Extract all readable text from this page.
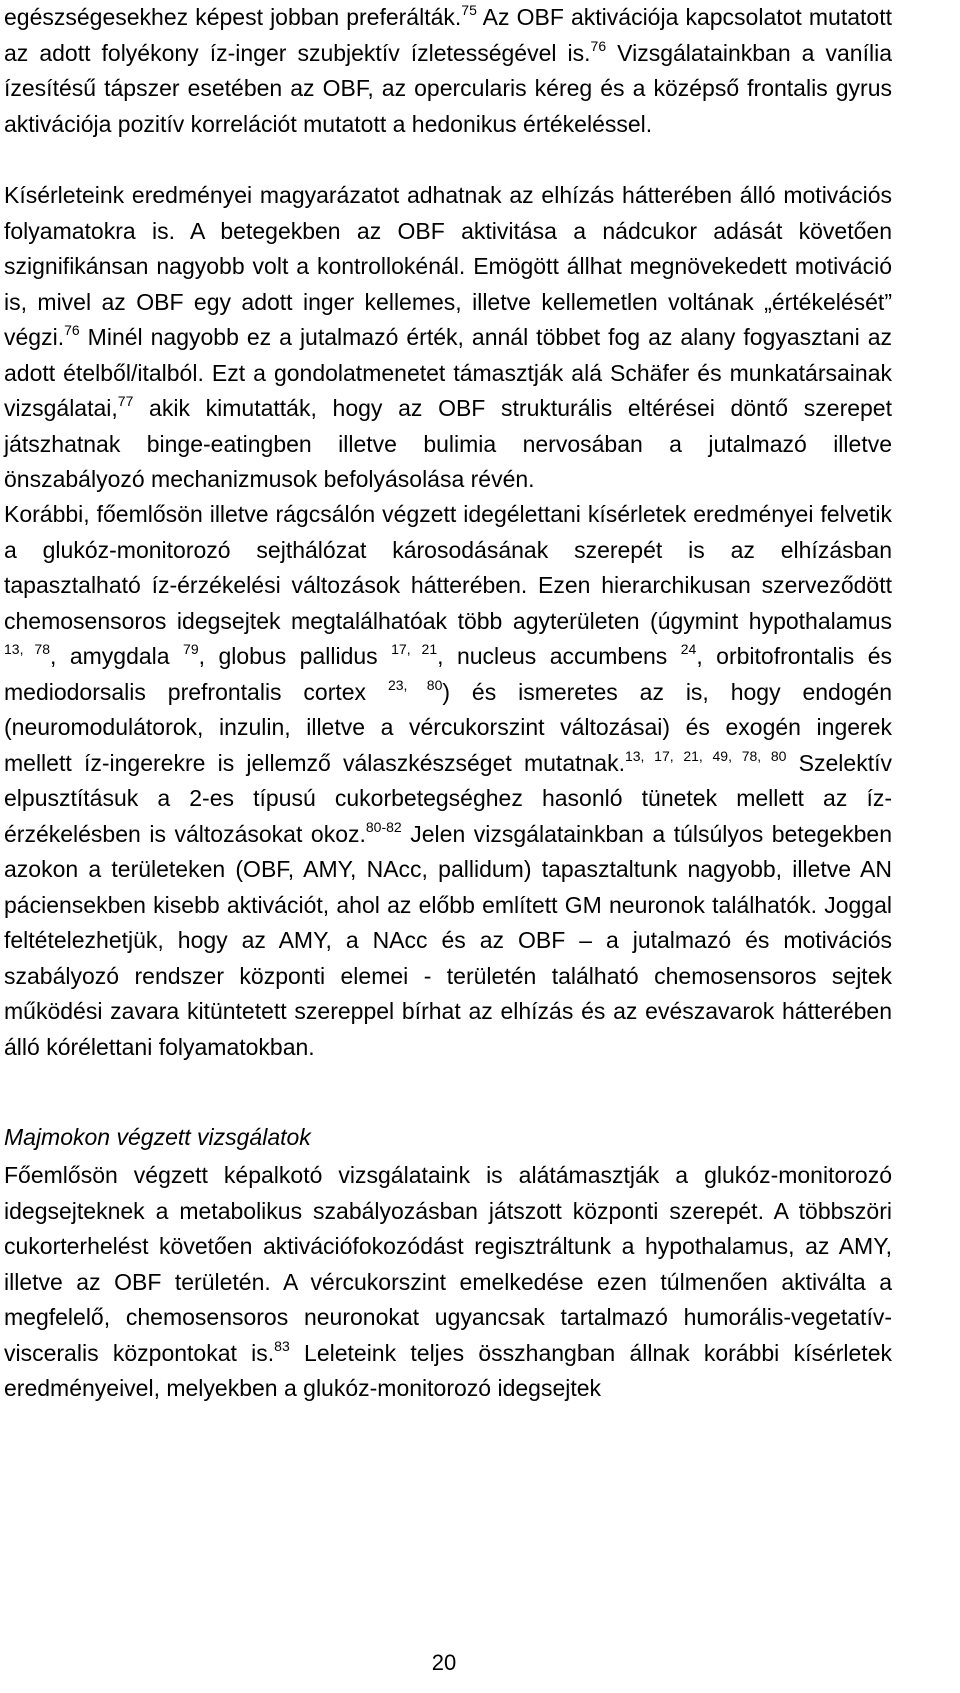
egészségesekhez képest jobban preferálták.$^{75}$ Az OBF aktivációja kapcsolatot mutatott az adott folyékony íz-inger szubjektív ízletességével is.$^{76}$ Vizsgálatainkban a vanília ízesítésű tápszer esetében az OBF, az opercularis kéreg és a középső frontalis gyrus aktivációja pozitív korrelációt mutatott a hedonikus értékeléssel.

Kísérleteink eredményei magyarázatot adhatnak az elhízás hátterében álló motivációs folyamatokra is. A betegekben az OBF aktivitása a nádcukor adását követően szignifikánsan nagyobb volt a kontrollokénál. Emögött állhat megnövekedett motiváció is, mivel az OBF egy adott inger kellemes, illetve kellemetlen voltának „értékelését” végzi.$^{76}$ Minél nagyobb ez a jutalmazó érték, annál többet fog az alany fogyasztani az adott ételből/italból. Ezt a gondolatmenetet támasztják alá Schäfer és munkatársainak vizsgálatai,$^{77}$ akik kimutatták, hogy az OBF strukturális eltérései döntő szerepet játszhatnak binge-eatingben illetve bulimia nervosában a jutalmazó illetve önszabályozó mechanizmusok befolyásolása révén.

Korábbi, főemlősön illetve rágcsálón végzett idegélettani kísérletek eredményei felvetik a glukóz-monitorozó sejthálózat károsodásának szerepét is az elhízásban tapasztalható íz-érzékelési változások hátterében. Ezen hierarchikusan szerveződött chemosensoros idegsejtek megtalálhatóak több agyterületen (úgymint hypothalamus $^{13, 78}$, amygdala $^{79}$, globus pallidus $^{17, 21}$, nucleus accumbens $^{24}$, orbitofrontalis és mediodorsalis prefrontalis cortex $^{23, 80}$) és ismeretes az is, hogy endogén (neuromodulátorok, inzulin, illetve a vércukorszint változásai) és exogén ingerek mellett íz-ingerekre is jellemző válaszkészséget mutatnak.$^{13, 17, 21, 49, 78, 80}$ Szelektív elpusztításuk a 2-es típusú cukorbetegséghez hasonló tünetek mellett az íz-érzékelésben is változásokat okoz.$^{80-82}$ Jelen vizsgálatainkban a túlsúlyos betegekben azokon a területeken (OBF, AMY, NAcc, pallidum) tapasztaltunk nagyobb, illetve AN páciensekben kisebb aktivációt, ahol az előbb említett GM neuronok találhatók. Joggal feltételezhetjük, hogy az AMY, a NAcc és az OBF – a jutalmazó és motivációs szabályozó rendszer központi elemei - területén található chemosensoros sejtek működési zavara kitüntetett szereppel bírhat az elhízás és az evészavarok hátterében álló kórélettani folyamatokban.

Majmokon végzett vizsgálatok

Főemlősön végzett képalkotó vizsgálataink is alátámasztják a glukóz-monitorozó idegsejteknek a metabolikus szabályozásban játszott központi szerepét. A többszöri cukorterhelést követően aktivációfokozódást regisztráltunk a hypothalamus, az AMY, illetve az OBF területén. A vércukorszint emelkedése ezen túlmenően aktiválta a megfelelő, chemosensoros neuronokat ugyancsak tartalmazó humorális-vegetatív-visceralis központokat is.$^{83}$ Leleteink teljes összhangban állnak korábbi kísérletek eredményeivel, melyekben a glukóz-monitorozó idegsejtek

20
